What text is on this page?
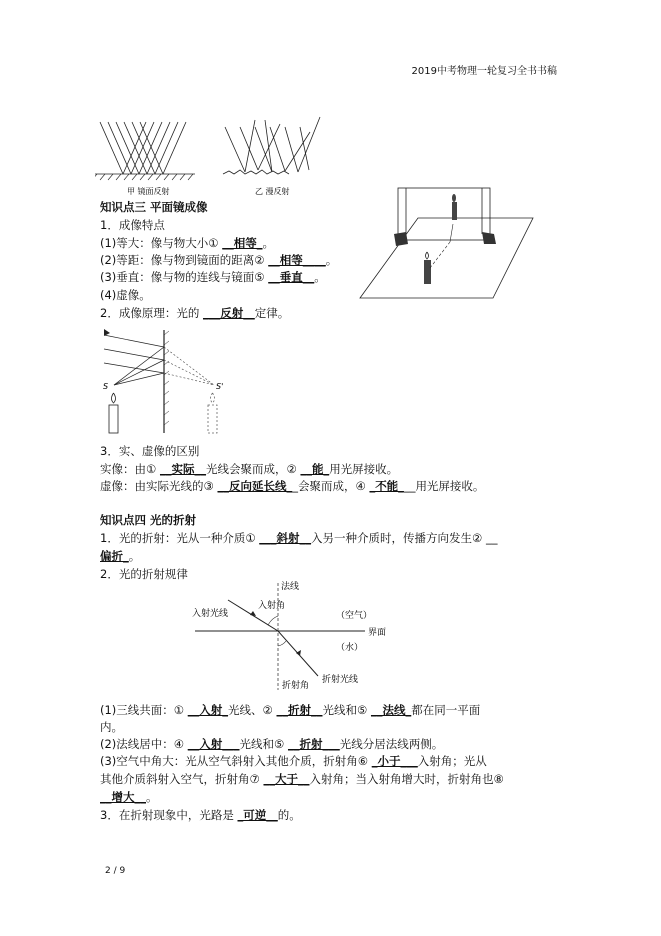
2019中考物理一轮复习全书书稿
甲 镜面反射	乙 漫反射
知识点三 平面镜成像
1．成像特点
(1)等大：像与物大小① __相等_。
(2)等距：像与物到镜面的距离② __相等____。
(3)垂直：像与物的连线与镜面⑤ __垂直__。
(4)虚像。
2．成像原理：光的 ___反射__定律。
S	S'
3．实、虚像的区别
实像：由① __实际__光线会聚而成，② __能_用光屏接收。
虚像：由实际光线的③ __反向延长线__会聚而成，④ _不能___用光屏接收。
知识点四 光的折射
1．光的折射：光从一种介质① ___斜射__入另一种介质时，传播方向发生② __
偏折_。
2．光的折射规律
法线
入射角
入射光线	（空气）
界面
（水）
折射角
折射光线
(1)三线共面：① __入射_光线、② __折射__光线和⑤ __法线_都在同一平面
内。
(2)法线居中：④ __入射___光线和⑤ __折射___光线分居法线两侧。
(3)空气中角大：光从空气斜射入其他介质，折射角⑥ _小于___入射角；光从
其他介质斜射入空气，折射角⑦ __大于__入射角；当入射角增大时，折射角也⑧
__增大__。
3．在折射现象中，光路是 _可逆__的。
2 / 9
